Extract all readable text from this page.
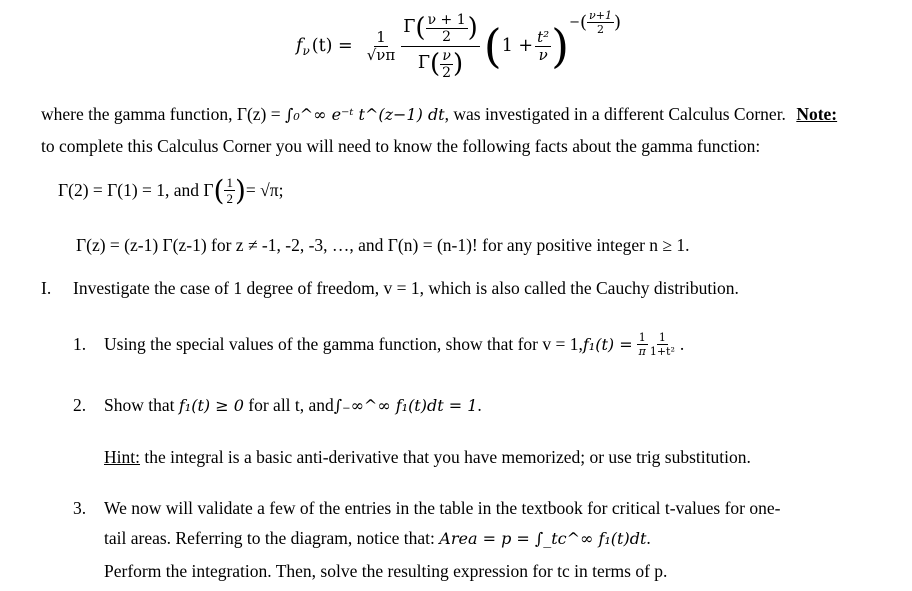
f ν $(t) = \frac{1}{√\nu\pi} \frac{\Gamma ( \frac{\nu + 1}{2} )}{\Gamma ( \frac{\nu}{2} )}$ ( $1 + \frac{\text{t²}}{\nu}$ ) − ( $\frac{\nu+1}{2}$ )
where the gamma function, Γ(z) = ∫₀^∞ e⁻ᵗ t^(z−1) dt, was investigated in a different Calculus Corner. Note:
to complete this Calculus Corner you will need to know the following facts about the gamma function:
Γ(2) = Γ(1) = 1, and Γ ( $\frac{1}{2}$ ) = √π;
Γ(z) = (z-1) Γ(z-1) for z ≠ -1, -2, -3, …, and Γ(n) = (n-1)! for any positive integer n ≥ 1.
I. Investigate the case of 1 degree of freedom, v = 1, which is also called the Cauchy distribution.
1. Using the special values of the gamma function, show that for v = 1, $f_1(t) = \frac{1}{\pi} \frac{1}{\text{1+t²}}$ .
2. Show that f₁(t) ≥ 0 for all t, and∫₋∞^∞ f₁(t)dt = 1.
Hint: the integral is a basic anti-derivative that you have memorized; or use trig substitution.
3. We now will validate a few of the entries in the table in the textbook for critical t-values for one-
tail areas. Referring to the diagram, notice that: Area = p = ∫_tc^∞ f₁(t)dt.
Perform the integration. Then, solve the resulting expression for tc in terms of p.
